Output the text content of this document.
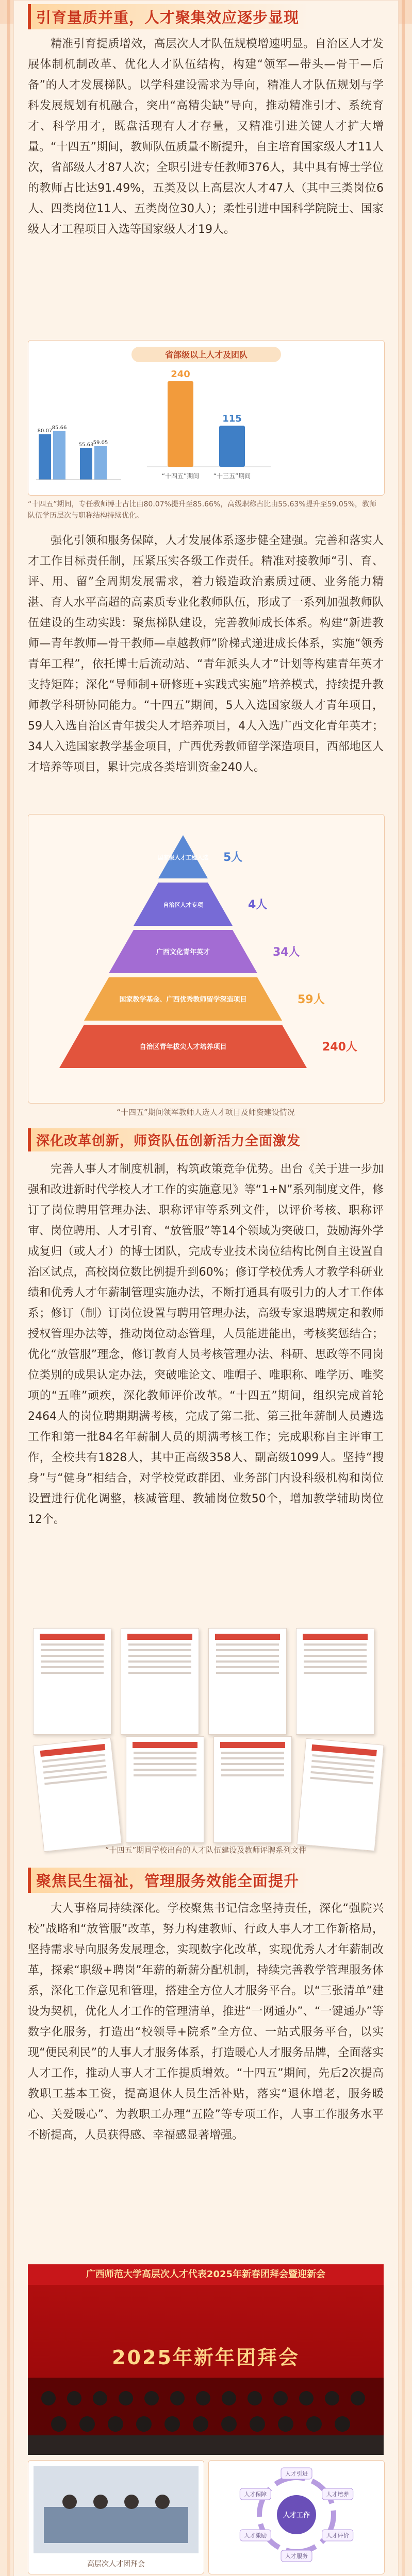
引育量质并重，人才聚集效应逐步显现
精准引育提质增效，高层次人才队伍规模增速明显。自治区人才发展体制机制改革、优化人才队伍结构，构建“领军—带头—骨干—后备”的人才发展梯队。以学科建设需求为导向，精准人才队伍规划与学科发展规划有机融合，突出“高精尖缺”导向，推动精准引才、系统育才、科学用才，既盘活现有人才存量，又精准引进关键人才扩大增量。“十四五”期间，教师队伍质量不断提升，自主培育国家级人才11人次，省部级人才87人次；全职引进专任教师376人，其中具有博士学位的教师占比达91.49%，五类及以上高层次人才47人（其中三类岗位6人、四类岗位11人、五类岗位30人）；柔性引进中国科学院院士、国家级人才工程项目入选等国家级人才19人。
省部级以上人才及团队
240
“十四五”期间
115
“十三五”期间
80.07
85.66
55.63 59.05
“十四五”期间，专任教师博士占比由80.07%提升至85.66%，高级职称占比由55.63%提升至59.05%，教师队伍学历层次与职称结构持续优化。
强化引领和服务保障，人才发展体系逐步健全建强。完善和落实人才工作目标责任制，压紧压实各级工作责任。精准对接教师“引、育、评、用、留”全周期发展需求，着力锻造政治素质过硬、业务能力精湛、育人水平高超的高素质专业化教师队伍，形成了一系列加强教师队伍建设的生动实践：聚焦梯队建设，完善教师成长体系。构建“新进教师—青年教师—骨干教师—卓越教师”阶梯式递进成长体系，实施“领秀青年工程”，依托博士后流动站、“青年派头人才”计划等构建青年英才支持矩阵；深化“导师制+研修班+实践式实施”培养模式，持续提升教师教学科研协同能力。“十四五”期间，5人入选国家级人才青年项目，59人入选自治区青年拔尖人才培养项目，4人入选广西文化青年英才；34人入选国家教学基金项目，广西优秀教师留学深造项目，西部地区人才培养等项目，累计完成各类培训资金240人。
国家级人才工程入选 5人
自治区人才专项	4人
广西文化青年英才	34人
国家教学基金、广西优秀教师留学深造项目	59人
自治区青年拔尖人才培养项目	240人
“十四五”期间领军教师人选人才项目及师资建设情况
深化改革创新，师资队伍创新活力全面激发
完善人事人才制度机制，构筑政策竞争优势。出台《关于进一步加强和改进新时代学校人才工作的实施意见》等“1+N”系列制度文件，修订了岗位聘用管理办法、职称评审等系列文件，以评价考核、职称评审、岗位聘用、人才引育、“放管服”等14个领域为突破口，鼓励海外学成复归（或人才）的博士团队，完成专业技术岗位结构比例自主设置自治区试点，高校岗位数比例提升到60%；修订学校优秀人才教学科研业绩和优秀人才年薪制管理实施办法，不断打通具有吸引力的人才工作体系；修订（制）订岗位设置与聘用管理办法，高级专家退聘规定和教师授权管理办法等，推动岗位动态管理，人员能进能出，考核奖惩结合；优化“放管服”理念，修订教育人员考核管理办法、科研、思政等不同岗位类别的成果认定办法，突破唯论文、唯帽子、唯职称、唯学历、唯奖项的“五唯”顽疾，深化教师评价改革。“十四五”期间，组织完成首轮2464人的岗位聘期期满考核，完成了第二批、第三批年薪制人员遴选工作和第一批84名年薪制人员的期满考核工作；完成职称自主评审工作，全校共有1828人，其中正高级358人、副高级1099人。坚持“搜身”与“健身”相结合，对学校党政群团、业务部门内设科级机构和岗位设置进行优化调整，核减管理、教辅岗位数50个，增加教学辅助岗位12个。
“十四五”期间学校出台的人才队伍建设及教师评聘系列文件
聚焦民生福祉，管理服务效能全面提升
大人事格局持续深化。学校聚焦书记信念坚持责任，深化“强院兴校”战略和“放管服”改革，努力构建教师、行政人事人才工作新格局，坚持需求导向服务发展理念，实现数字化改革，实现优秀人才年薪制改革，探索“职级+聘岗”年薪的新薪分配机制，持续完善教学管理服务体系，深化工作意见和管理，搭建全方位人才服务平台。以“三张清单”建设为契机，优化人才工作的管理清单，推进“一网通办”、“一键通办”等数字化服务，打造出“校领导+院系”全方位、一站式服务平台，以实现“便民利民”的人事人才服务体系，打造暖心人才服务品牌，全面落实人才工作，推动人事人才工作提质增效。“十四五”期间，先后2次提高教职工基本工资，提高退休人员生活补贴，落实“退休增老，服务暖心、关爱暖心”、为教职工办理“五险”等专项工作，人事工作服务水平不断提高，人员获得感、幸福感显著增强。
广西师范大学高层次人才代表2025年新春团拜会暨迎新会
2025年新年团拜会
高层次人才团拜会
人才工作
人才引进
人才培养
人才评价
人才服务
人才激励
人才保障
